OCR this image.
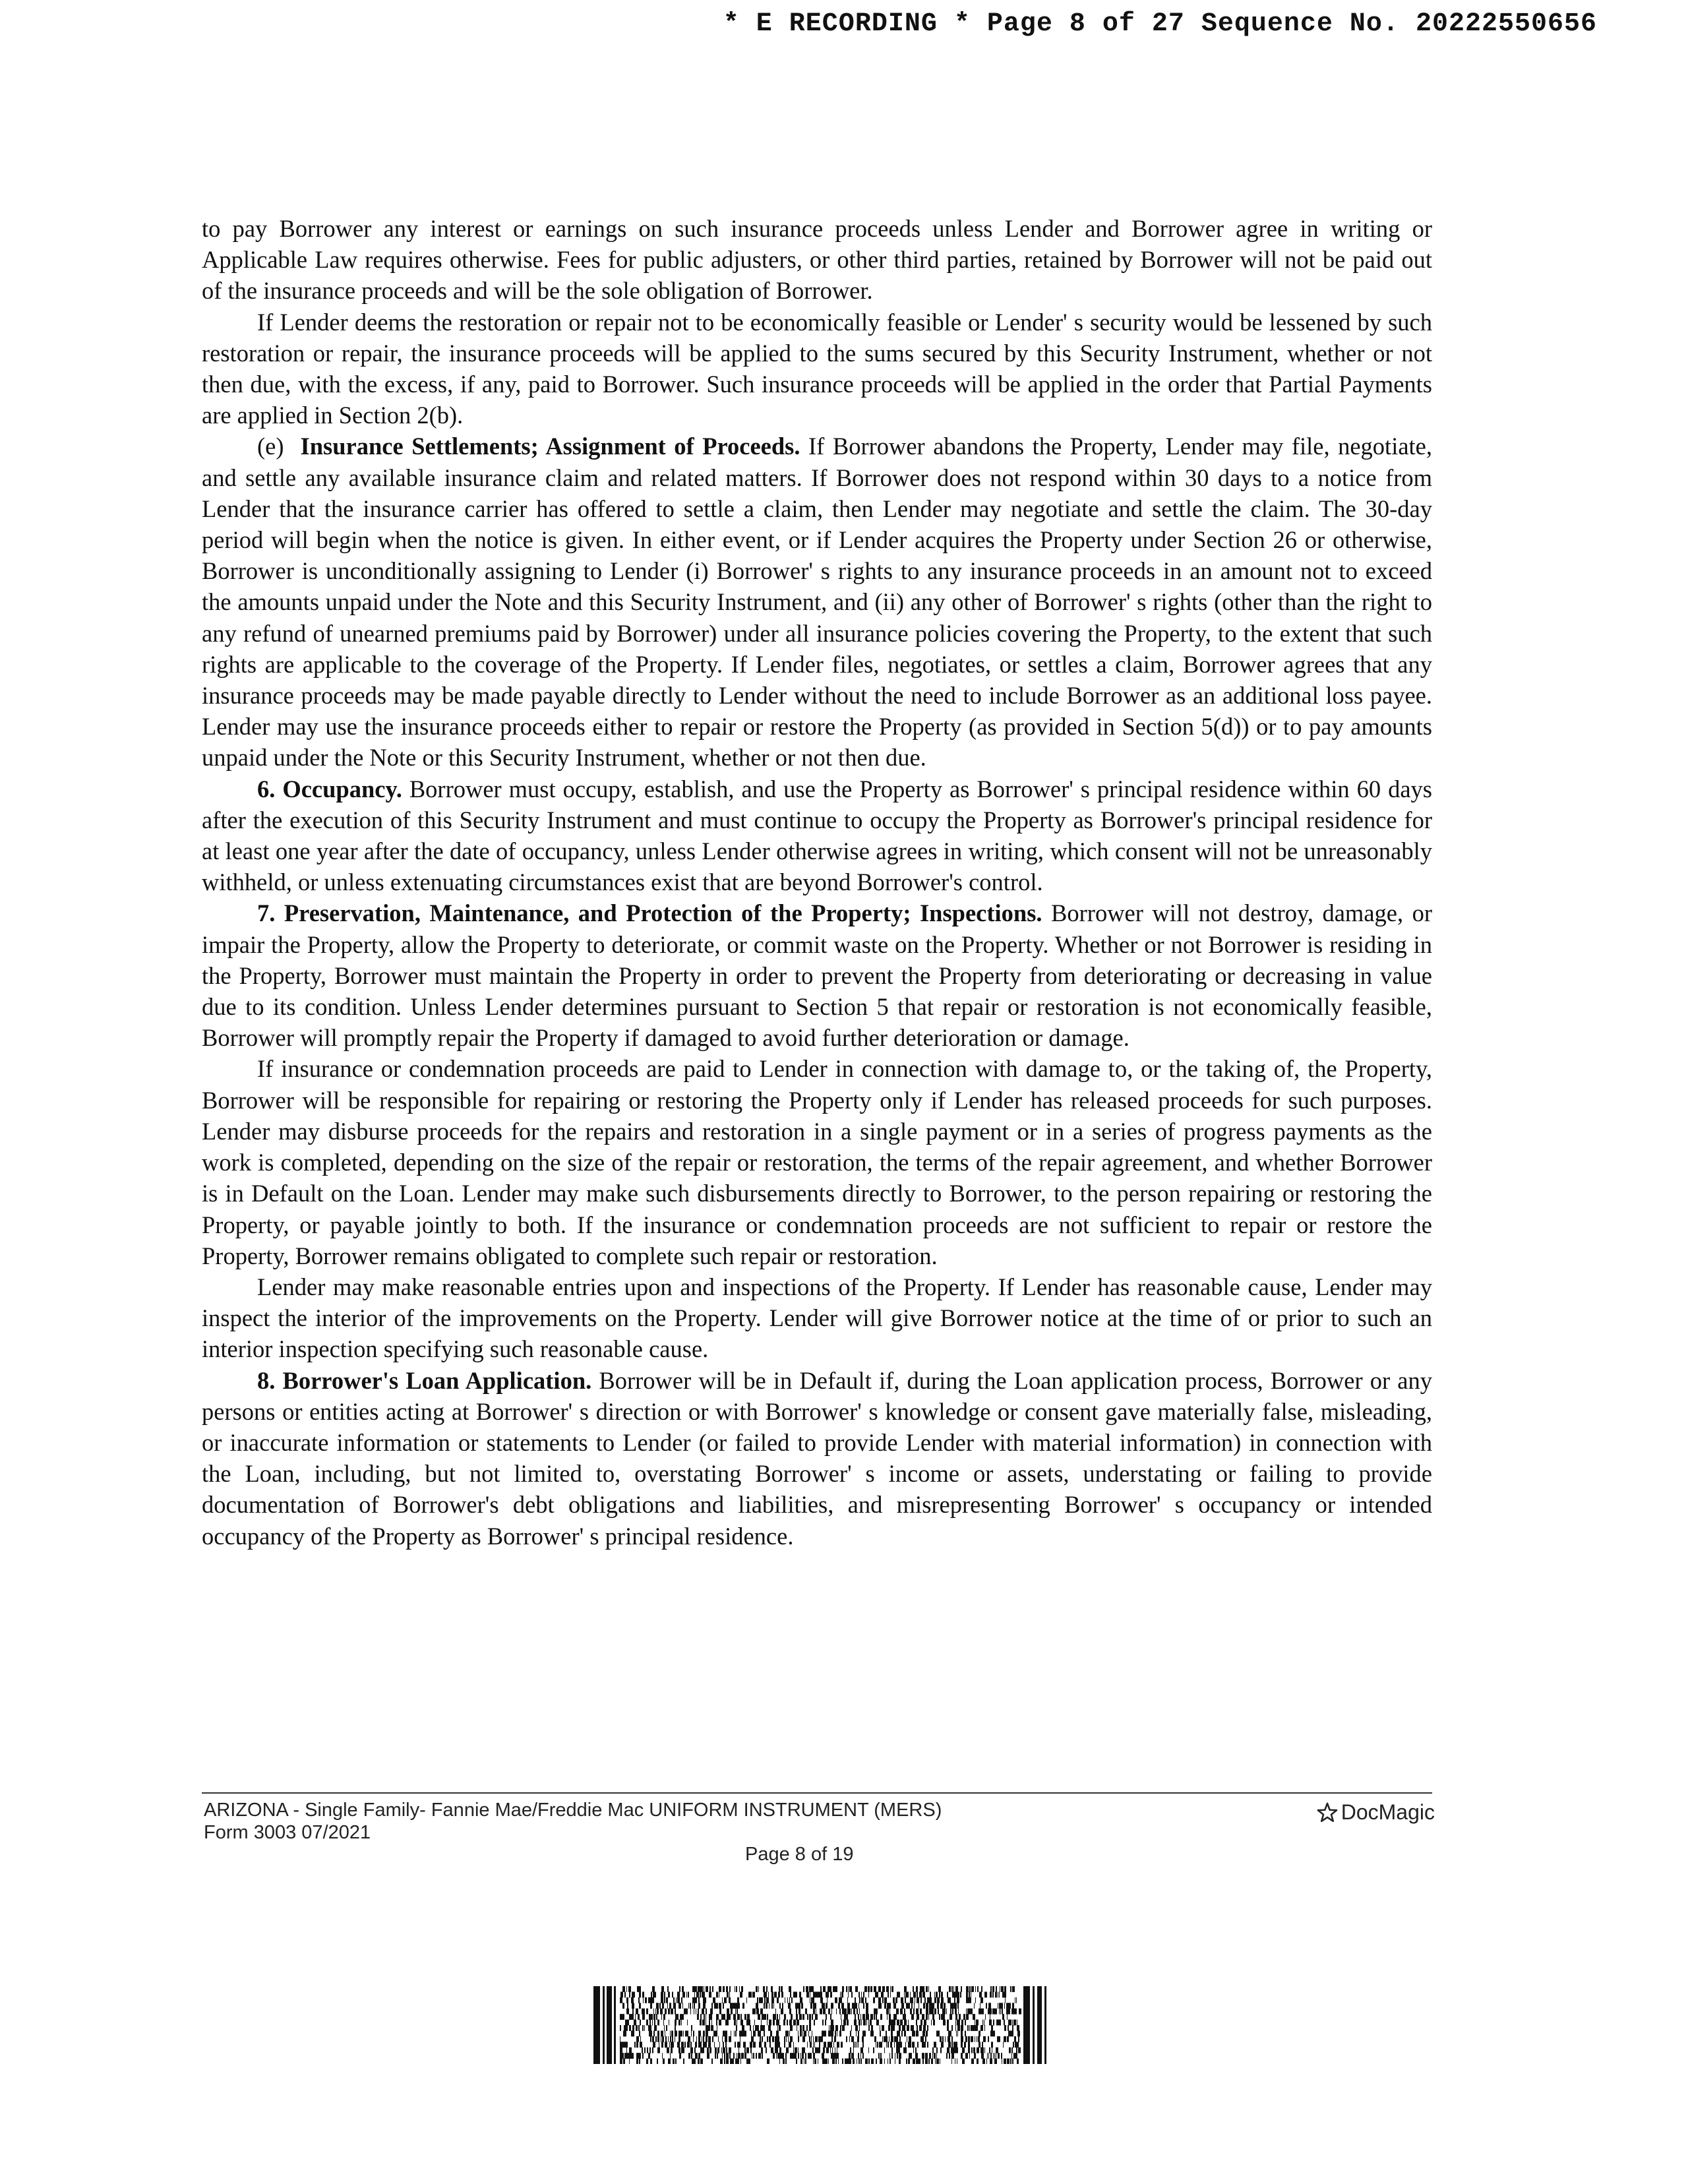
* E RECORDING * Page 8 of 27 Sequence No. 20222550656

to pay Borrower any interest or earnings on such insurance proceeds unless Lender and Borrower agree in writing or Applicable Law requires otherwise. Fees for public adjusters, or other third parties, retained by Borrower will not be paid out of the insurance proceeds and will be the sole obligation of Borrower.

If Lender deems the restoration or repair not to be economically feasible or Lender' s security would be lessened by such restoration or repair, the insurance proceeds will be applied to the sums secured by this Security Instrument, whether or not then due, with the excess, if any, paid to Borrower. Such insurance proceeds will be applied in the order that Partial Payments are applied in Section 2(b).

(e) Insurance Settlements; Assignment of Proceeds. If Borrower abandons the Property, Lender may file, negotiate, and settle any available insurance claim and related matters. If Borrower does not respond within 30 days to a notice from Lender that the insurance carrier has offered to settle a claim, then Lender may negotiate and settle the claim. The 30-day period will begin when the notice is given. In either event, or if Lender acquires the Property under Section 26 or otherwise, Borrower is unconditionally assigning to Lender (i) Borrower' s rights to any insurance proceeds in an amount not to exceed the amounts unpaid under the Note and this Security Instrument, and (ii) any other of Borrower' s rights (other than the right to any refund of unearned premiums paid by Borrower) under all insurance policies covering the Property, to the extent that such rights are applicable to the coverage of the Property. If Lender files, negotiates, or settles a claim, Borrower agrees that any insurance proceeds may be made payable directly to Lender without the need to include Borrower as an additional loss payee. Lender may use the insurance proceeds either to repair or restore the Property (as provided in Section 5(d)) or to pay amounts unpaid under the Note or this Security Instrument, whether or not then due.

6. Occupancy. Borrower must occupy, establish, and use the Property as Borrower' s principal residence within 60 days after the execution of this Security Instrument and must continue to occupy the Property as Borrower's principal residence for at least one year after the date of occupancy, unless Lender otherwise agrees in writing, which consent will not be unreasonably withheld, or unless extenuating circumstances exist that are beyond Borrower's control.

7. Preservation, Maintenance, and Protection of the Property; Inspections. Borrower will not destroy, damage, or impair the Property, allow the Property to deteriorate, or commit waste on the Property. Whether or not Borrower is residing in the Property, Borrower must maintain the Property in order to prevent the Property from deteriorating or decreasing in value due to its condition. Unless Lender determines pursuant to Section 5 that repair or restoration is not economically feasible, Borrower will promptly repair the Property if damaged to avoid further deterioration or damage.

If insurance or condemnation proceeds are paid to Lender in connection with damage to, or the taking of, the Property, Borrower will be responsible for repairing or restoring the Property only if Lender has released proceeds for such purposes. Lender may disburse proceeds for the repairs and restoration in a single payment or in a series of progress payments as the work is completed, depending on the size of the repair or restoration, the terms of the repair agreement, and whether Borrower is in Default on the Loan. Lender may make such disbursements directly to Borrower, to the person repairing or restoring the Property, or payable jointly to both. If the insurance or condemnation proceeds are not sufficient to repair or restore the Property, Borrower remains obligated to complete such repair or restoration.

Lender may make reasonable entries upon and inspections of the Property. If Lender has reasonable cause, Lender may inspect the interior of the improvements on the Property. Lender will give Borrower notice at the time of or prior to such an interior inspection specifying such reasonable cause.

8. Borrower's Loan Application. Borrower will be in Default if, during the Loan application process, Borrower or any persons or entities acting at Borrower' s direction or with Borrower' s knowledge or consent gave materially false, misleading, or inaccurate information or statements to Lender (or failed to provide Lender with material information) in connection with the Loan, including, but not limited to, overstating Borrower' s income or assets, understating or failing to provide documentation of Borrower's debt obligations and liabilities, and misrepresenting Borrower' s occupancy or intended occupancy of the Property as Borrower' s principal residence.

ARIZONA - Single Family- Fannie Mae/Freddie Mac UNIFORM INSTRUMENT (MERS)
Form 3003 07/2021
DocMagic
Page 8 of 19
